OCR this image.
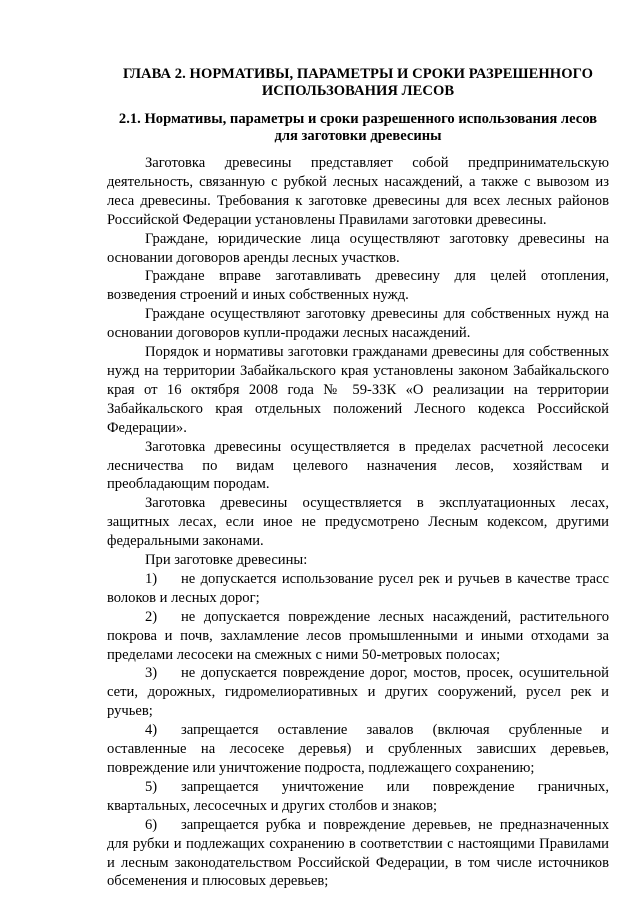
ГЛАВА 2. НОРМАТИВЫ, ПАРАМЕТРЫ И СРОКИ РАЗРЕШЕННОГО ИСПОЛЬЗОВАНИЯ ЛЕСОВ
2.1. Нормативы, параметры и сроки разрешенного использования лесов для заготовки древесины

Заготовка древесины представляет собой предпринимательскую деятельность, связанную с рубкой лесных насаждений, а также с вывозом из леса древесины. Требования к заготовке древесины для всех лесных районов Российской Федерации установлены Правилами заготовки древесины.

Граждане, юридические лица осуществляют заготовку древесины на основании договоров аренды лесных участков.

Граждане вправе заготавливать древесину для целей отопления, возведения строений и иных собственных нужд.

Граждане осуществляют заготовку древесины для собственных нужд на основании договоров купли-продажи лесных насаждений.

Порядок и нормативы заготовки гражданами древесины для собственных нужд на территории Забайкальского края установлены законом Забайкальского края от 16 октября 2008 года № 59-ЗЗК «О реализации на территории Забайкальского края отдельных положений Лесного кодекса Российской Федерации».

Заготовка древесины осуществляется в пределах расчетной лесосеки лесничества по видам целевого назначения лесов, хозяйствам и преобладающим породам.

Заготовка древесины осуществляется в эксплуатационных лесах, защитных лесах, если иное не предусмотрено Лесным кодексом, другими федеральными законами.

При заготовке древесины:

1) не допускается использование русел рек и ручьев в качестве трасс волоков и лесных дорог;

2) не допускается повреждение лесных насаждений, растительного покрова и почв, захламление лесов промышленными и иными отходами за пределами лесосеки на смежных с ними 50-метровых полосах;

3) не допускается повреждение дорог, мостов, просек, осушительной сети, дорожных, гидромелиоративных и других сооружений, русел рек и ручьев;

4) запрещается оставление завалов (включая срубленные и оставленные на лесосеке деревья) и срубленных зависших деревьев, повреждение или уничтожение подроста, подлежащего сохранению;

5) запрещается уничтожение или повреждение граничных, квартальных, лесосечных и других столбов и знаков;

6) запрещается рубка и повреждение деревьев, не предназначенных для рубки и подлежащих сохранению в соответствии с настоящими Правилами и лесным законодательством Российской Федерации, в том числе источников обсеменения и плюсовых деревьев;
